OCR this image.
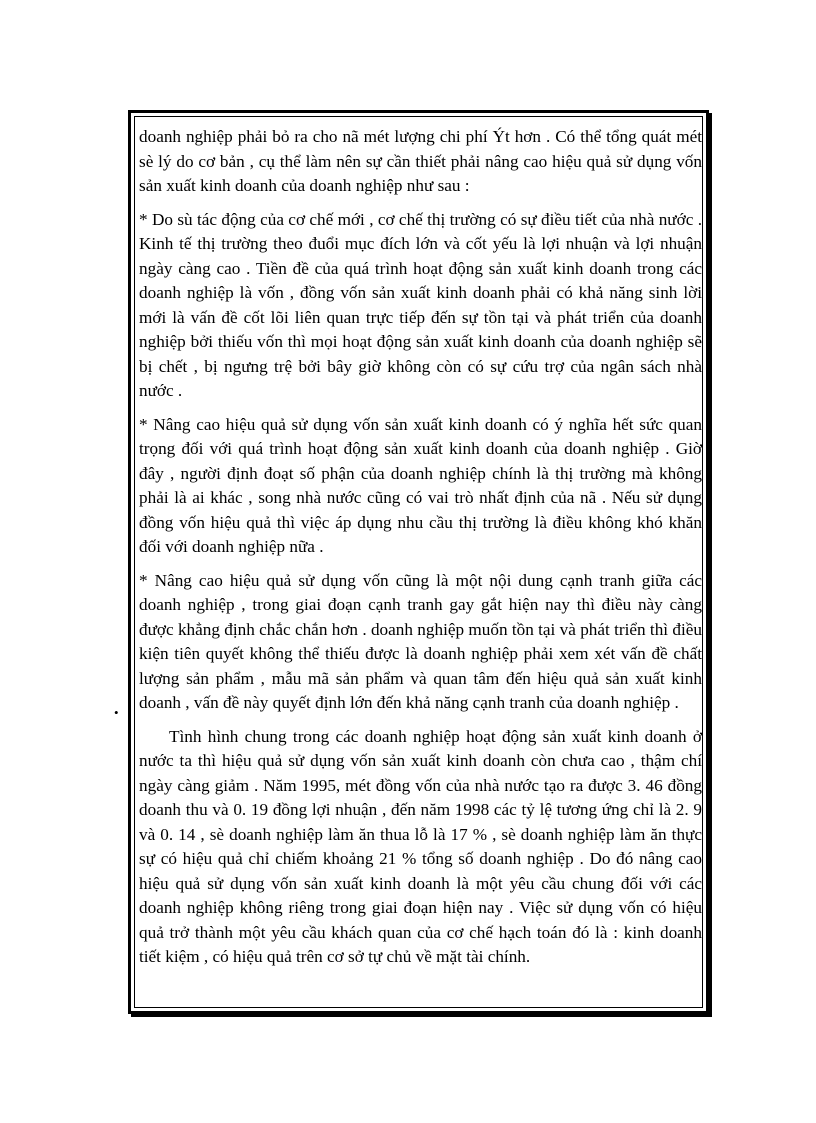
doanh nghiệp phải bỏ ra cho nã mét lượng chi phí Ýt hơn . Có thể tổng quát mét sè lý do cơ bản , cụ thể làm nên sự cần thiết phải nâng cao hiệu quả sử dụng vốn sản xuất kinh doanh của doanh nghiệp như sau :

* Do sù tác động của cơ chế mới , cơ chế thị trường có sự điều tiết của nhà nước . Kinh tế thị trường theo đuổi mục đích lớn và cốt yếu là lợi nhuận và lợi nhuận ngày càng cao . Tiền đề của quá trình hoạt động sản xuất kinh doanh trong các doanh nghiệp là vốn , đồng vốn sản xuất kinh doanh phải có khả năng sinh lời mới là vấn đề cốt lõi liên quan trực tiếp đến sự tồn tại và phát triển của doanh nghiệp bởi thiếu vốn thì mọi hoạt động sản xuất kinh doanh của doanh nghiệp sẽ bị chết , bị ngưng trệ bởi bây giờ không còn có sự cứu trợ của ngân sách nhà nước .

* Nâng cao hiệu quả sử dụng vốn sản xuất kinh doanh có ý nghĩa hết sức quan trọng đối với quá trình hoạt động sản xuất kinh doanh của doanh nghiệp . Giờ đây , người định đoạt số phận của doanh nghiệp chính là thị trường mà không phải là ai khác , song nhà nước cũng có vai trò nhất định của nã . Nếu sử dụng đồng vốn hiệu quả thì việc áp dụng nhu cầu thị trường là điều không khó khăn đối với doanh nghiệp nữa .

* Nâng cao hiệu quả sử dụng vốn cũng là một nội dung cạnh tranh giữa các doanh nghiệp , trong giai đoạn cạnh tranh gay gắt hiện nay thì điều này càng được khẳng định chắc chắn hơn . doanh nghiệp muốn tồn tại và phát triển thì điều kiện tiên quyết không thể thiếu được là doanh nghiệp phải xem xét vấn đề chất lượng sản phẩm , mẫu mã sản phẩm và quan tâm đến hiệu quả sản xuất kinh doanh , vấn đề này quyết định lớn đến khả năng cạnh tranh của doanh nghiệp .

Tình hình chung trong các doanh nghiệp hoạt động sản xuất kinh doanh ở nước ta thì hiệu quả sử dụng vốn sản xuất kinh doanh còn chưa cao , thậm chí ngày càng giảm . Năm 1995, mét đồng vốn của nhà nước tạo ra được 3. 46 đồng doanh thu và 0. 19 đồng lợi nhuận , đến năm 1998 các tỷ lệ tương ứng chỉ là 2. 9 và 0. 14 , sè doanh nghiệp làm ăn thua lỗ là 17 % , sè doanh nghiệp làm ăn thực sự có hiệu quả chỉ chiếm khoảng 21 % tổng số doanh nghiệp . Do đó nâng cao hiệu quả sử dụng vốn sản xuất kinh doanh là một yêu cầu chung đối với các doanh nghiệp không riêng trong giai đoạn hiện nay . Việc sử dụng vốn có hiệu quả trở thành một yêu cầu khách quan của cơ chế hạch toán đó là : kinh doanh tiết kiệm , có hiệu quả trên cơ sở tự chủ về mặt tài chính.

•
